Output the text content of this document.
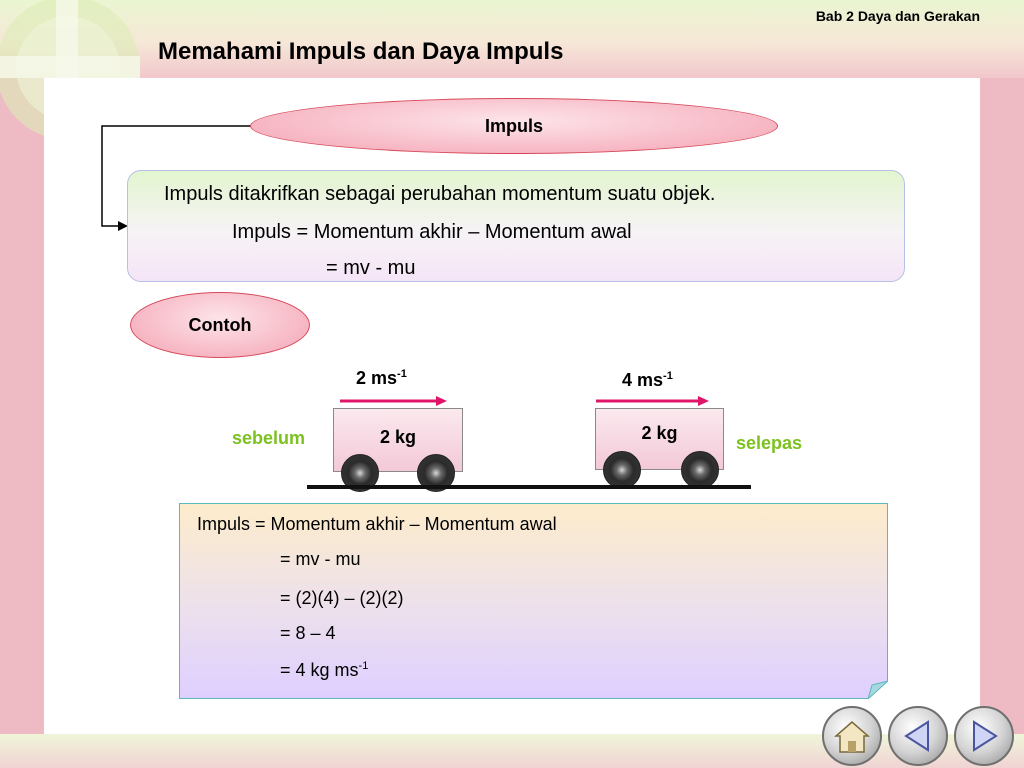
Bab 2 Daya dan Gerakan
Memahami Impuls dan Daya Impuls
Impuls
Impuls ditakrifkan sebagai perubahan momentum suatu objek.
Impuls = Momentum akhir – Momentum awal
= mv - mu
Contoh
2 $ms^{-1}$	4 $ms^{-1}$
2 kg	2 kg
sebelum	selepas
Impuls = Momentum akhir – Momentum awal
= mv - mu
= (2)(4) – (2)(2)
= 8 – 4
= 4 kg $ms^{-1}$
